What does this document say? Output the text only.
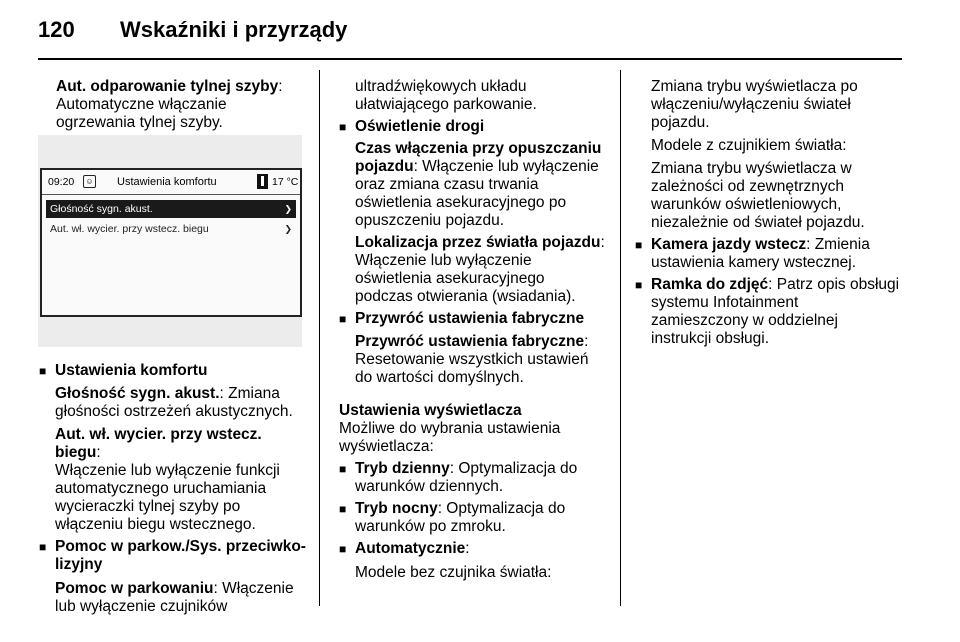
120 Wskaźniki i przyrządy

Aut. odparowanie tylnej szyby:

Automatyczne włączanie

ogrzewania tylnej szyby.

09:20	☺ Ustawienia komfortu	17 °C
Głośność sygn. akust.	❯
Aut. wł. wycier. przy wstecz. biegu	❯
■ Ustawienia komfortu

Głośność sygn. akust.: Zmiana

głośności ostrzeżeń akustycznych.

Aut. wł. wycier. przy wstecz. biegu:

Włączenie lub wyłączenie funkcji

automatycznego uruchamiania

wycieraczki tylnej szyby po

włączeniu biegu wstecznego.

■ Pomoc w parkow./Sys. przeciwko-

lizyjny

Pomoc w parkowaniu: Włączenie

lub wyłączenie czujników

ultradźwiękowych układu

ułatwiającego parkowanie.

■ Oświetlenie drogi

Czas włączenia przy opuszczaniu

pojazdu: Włączenie lub wyłączenie

oraz zmiana czasu trwania

oświetlenia asekuracyjnego po

opuszczeniu pojazdu.

Lokalizacja przez światła pojazdu:

Włączenie lub wyłączenie

oświetlenia asekuracyjnego

podczas otwierania (wsiadania).

■ Przywróć ustawienia fabryczne

Przywróć ustawienia fabryczne:

Resetowanie wszystkich ustawień

do wartości domyślnych.

Ustawienia wyświetlacza

Możliwe do wybrania ustawienia

wyświetlacza:

■ Tryb dzienny: Optymalizacja do

warunków dziennych.

■ Tryb nocny: Optymalizacja do

warunków po zmroku.

■ Automatycznie:

Modele bez czujnika światła:

Zmiana trybu wyświetlacza po

włączeniu/wyłączeniu świateł

pojazdu.

Modele z czujnikiem światła:

Zmiana trybu wyświetlacza w

zależności od zewnętrznych

warunków oświetleniowych,

niezależnie od świateł pojazdu.

■ Kamera jazdy wstecz: Zmienia

ustawienia kamery wstecznej.

■ Ramka do zdjęć: Patrz opis obsługi

systemu Infotainment

zamieszczony w oddzielnej

instrukcji obsługi.
